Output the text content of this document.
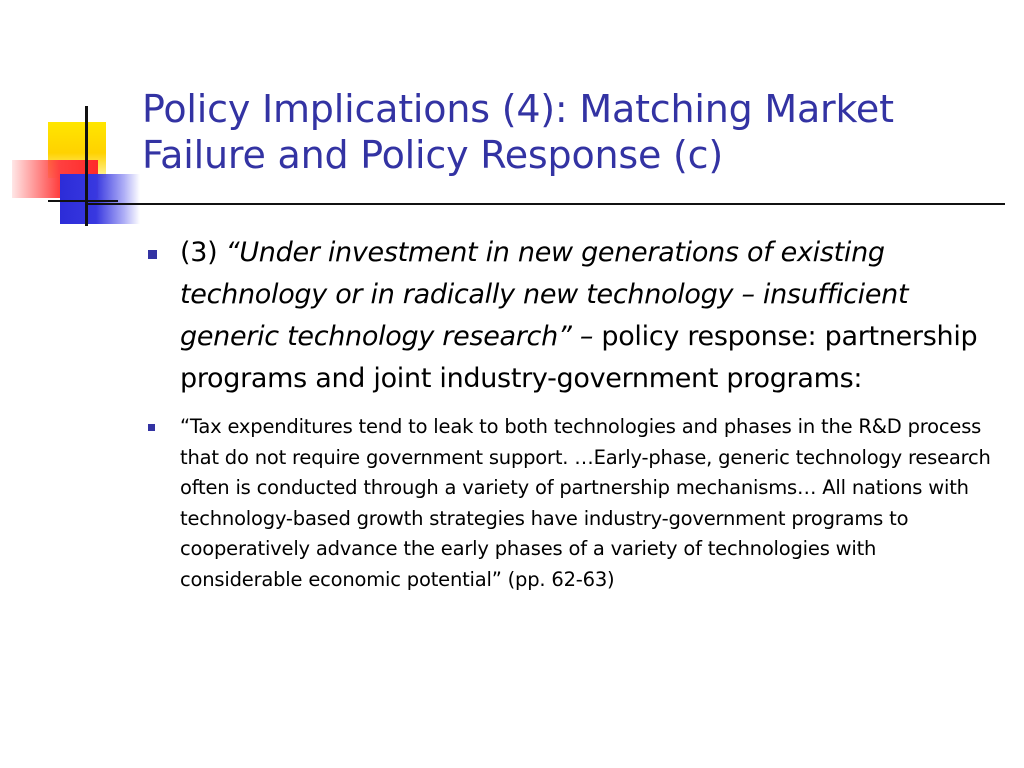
Policy Implications (4): Matching Market Failure and Policy Response (c)
(3) “Under investment in new generations of existing technology or in radically new technology – insufficient generic technology research” – policy response: partnership programs and joint industry-government programs:
“Tax expenditures tend to leak to both technologies and phases in the R&D process that do not require government support. …Early-phase, generic technology research often is conducted through a variety of partnership mechanisms… All nations with technology-based growth strategies have industry-government programs to cooperatively advance the early phases of a variety of technologies with considerable economic potential” (pp. 62-63)
